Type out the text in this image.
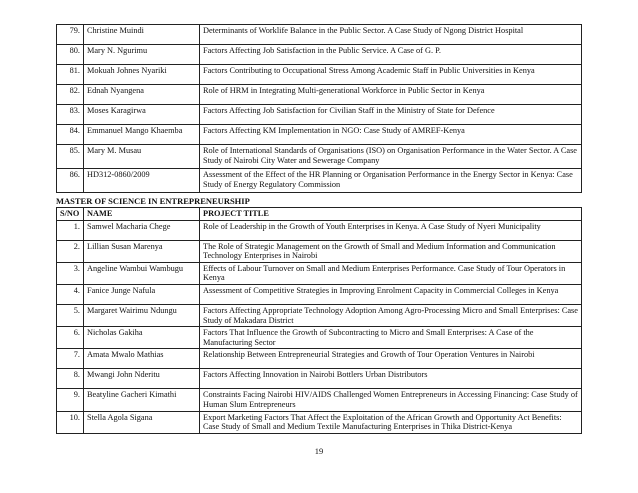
79.	Christine Muindi	Determinants of Worklife Balance in the Public Sector. A Case Study of Ngong District Hospital
80.	Mary N. Ngurimu	Factors Affecting Job Satisfaction in the Public Service. A Case of G. P.
81.	Mokuah Johnes Nyariki	Factors Contributing to Occupational Stress Among Academic Staff in Public Universities in Kenya
82.	Ednah Nyangena	Role of HRM in Integrating Multi-generational Workforce in Public Sector in Kenya
83.	Moses Karagirwa	Factors Affecting Job Satisfaction for Civilian Staff in the Ministry of State for Defence
84.	Emmanuel Mango Khaemba	Factors Affecting KM Implementation in NGO: Case Study of AMREF-Kenya
85.	Mary M. Musau	Role of International Standards of Organisations (ISO) on Organisation Performance in the Water Sector. A Case Study of Nairobi City Water and Sewerage Company
86.	HD312-0860/2009	Assessment of the Effect of the HR Planning or Organisation Performance in the Energy Sector in Kenya: Case Study of Energy Regulatory Commission
MASTER OF SCIENCE IN ENTREPRENEURSHIP
S/NO	NAME	PROJECT TITLE
1.	Samwel Macharia Chege	Role of Leadership in the Growth of Youth Enterprises in Kenya. A Case Study of Nyeri Municipality
2.	Lillian Susan Marenya	The Role of Strategic Management on the Growth of Small and Medium Information and Communication Technology Enterprises in Nairobi
3.	Angeline Wambui Wambugu	Effects of Labour Turnover on Small and Medium Enterprises Performance. Case Study of Tour Operators in Kenya
4.	Fanice Junge Nafula	Assessment of Competitive Strategies in Improving Enrolment Capacity in Commercial Colleges in Kenya
5.	Margaret Wairimu Ndungu	Factors Affecting Appropriate Technology Adoption Among Agro-Processing Micro and Small Enterprises: Case Study of Makadara District
6.	Nicholas Gakiha	Factors That Influence the Growth of Subcontracting to Micro and Small Enterprises: A Case of the Manufacturing Sector
7.	Amata Mwalo Mathias	Relationship Between Entrepreneurial Strategies and Growth of Tour Operation Ventures in Nairobi
8.	Mwangi John Nderitu	Factors Affecting Innovation in Nairobi Bottlers Urban Distributors
9.	Beatyline Gacheri Kimathi	Constraints Facing Nairobi HIV/AIDS Challenged Women Entrepreneurs in Accessing Financing: Case Study of Human Slum Entrepreneurs
10.	Stella Agola Sigana	Export Marketing Factors That Affect the Exploitation of the African Growth and Opportunity Act Benefits: Case Study of Small and Medium Textile Manufacturing Enterprises in Thika District-Kenya
19
